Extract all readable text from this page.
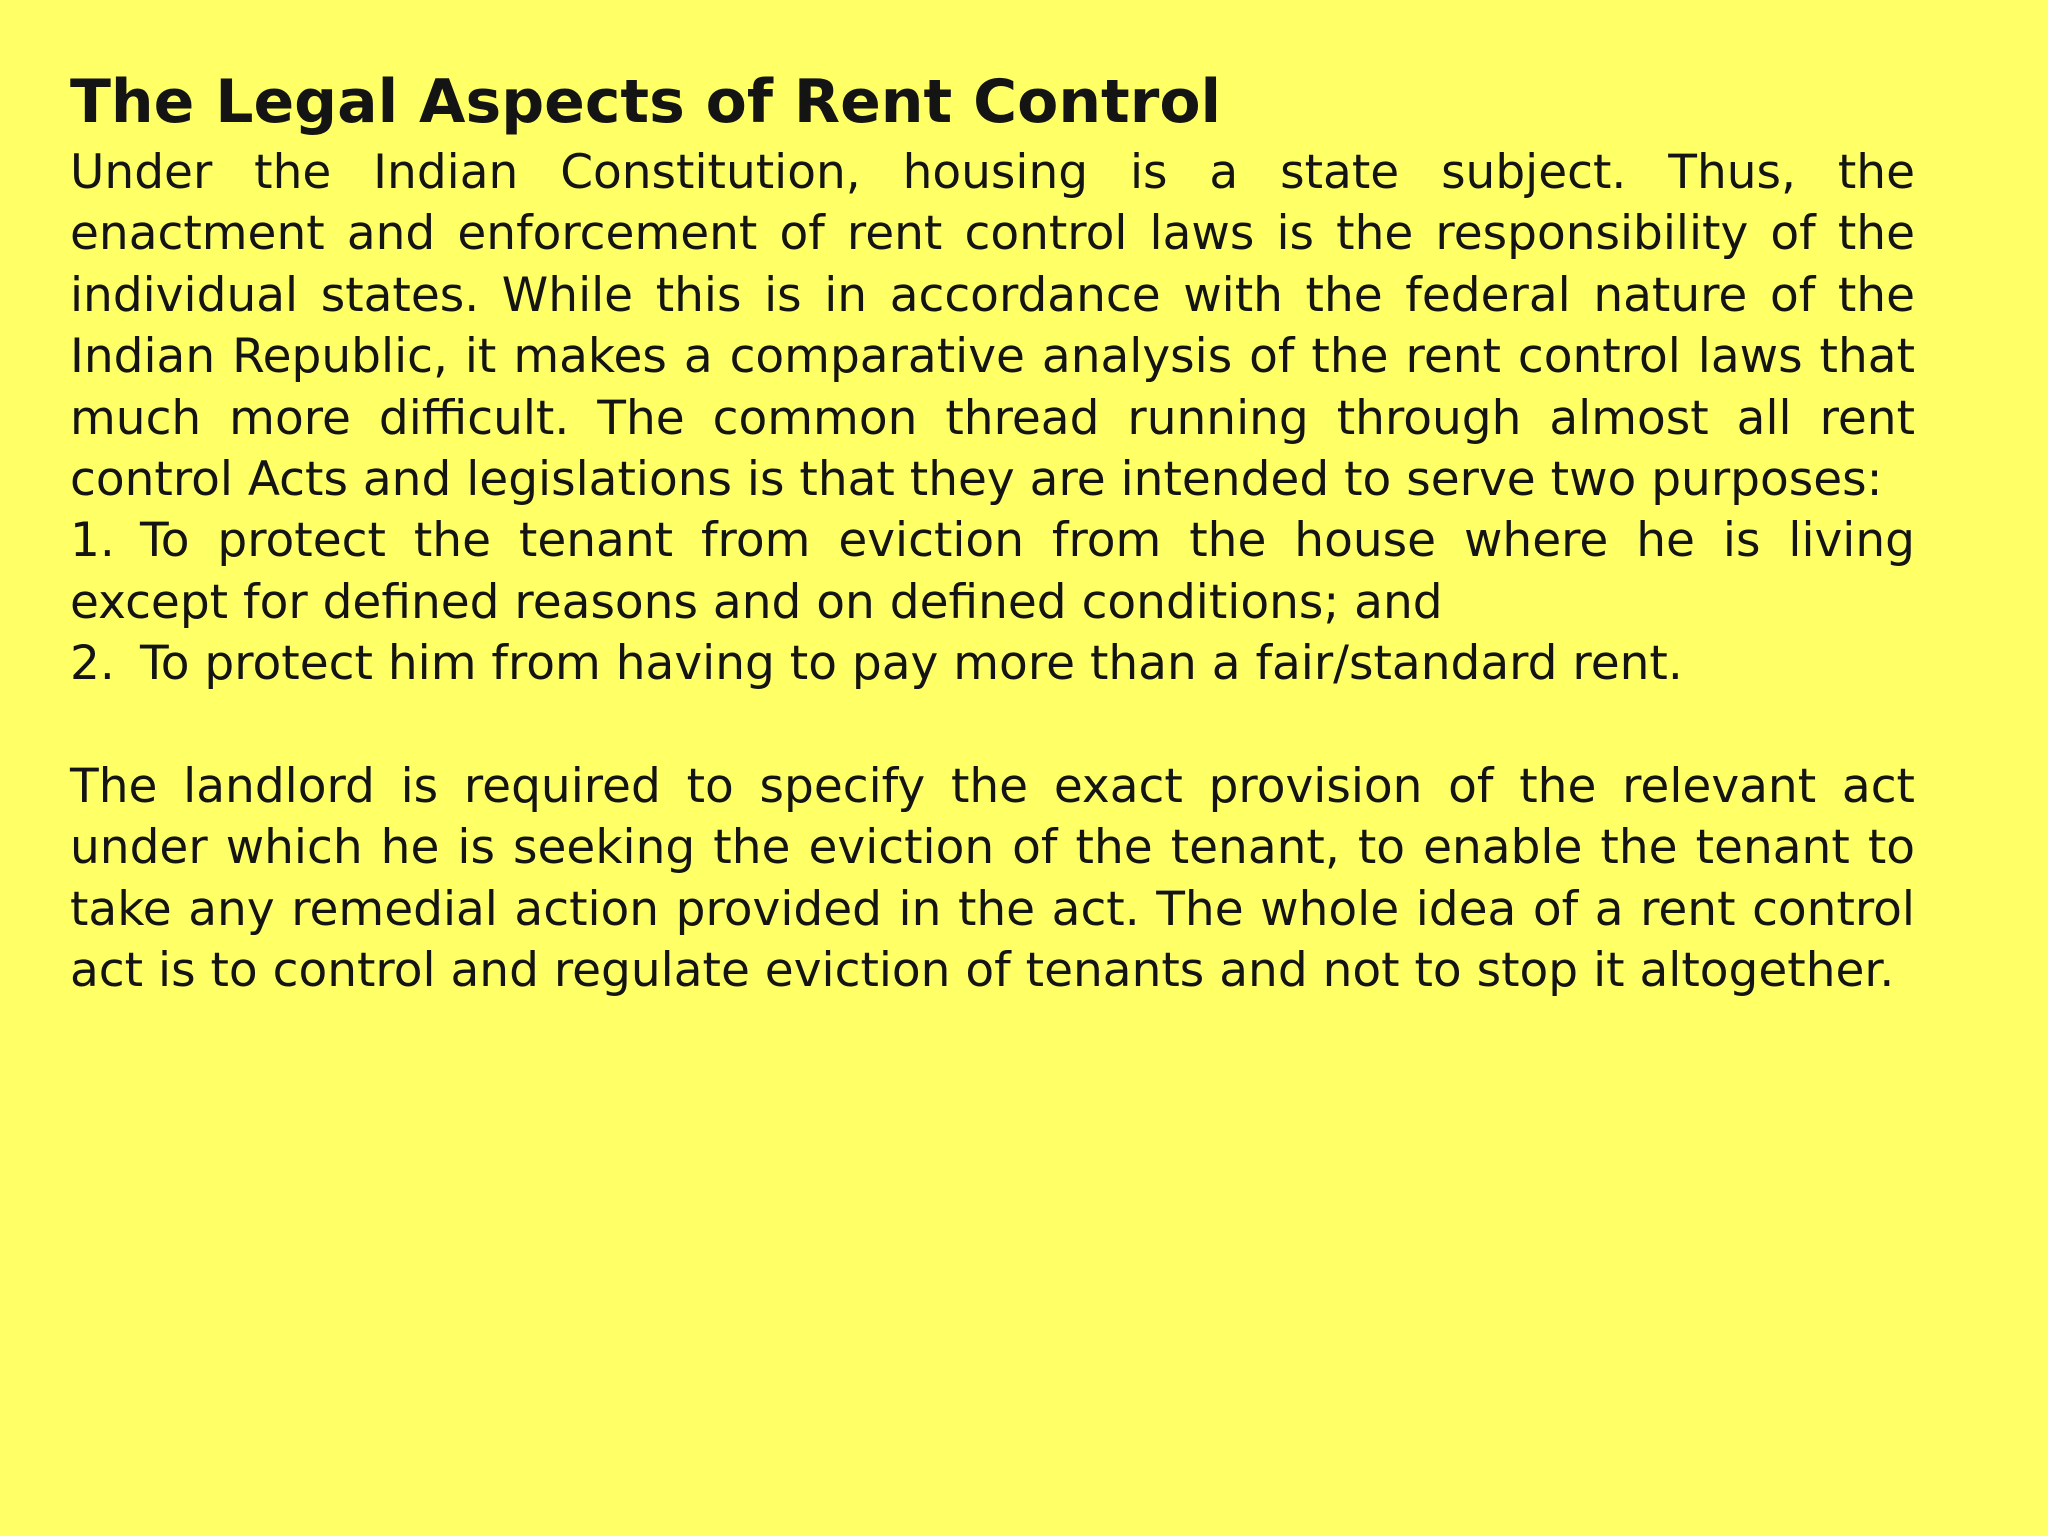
The Legal Aspects of Rent Control

Under the Indian Constitution, housing is a state subject. Thus, the enactment and enforcement of rent control laws is the responsibility of the individual states. While this is in accordance with the federal nature of the Indian Republic, it makes a comparative analysis of the rent control laws that much more difficult. The common thread running through almost all rent control Acts and legislations is that they are intended to serve two purposes:

1. To protect the tenant from eviction from the house where he is living except for defined reasons and on defined conditions; and
2. To protect him from having to pay more than a fair/standard rent.

The landlord is required to specify the exact provision of the relevant act under which he is seeking the eviction of the tenant, to enable the tenant to take any remedial action provided in the act. The whole idea of a rent control act is to control and regulate eviction of tenants and not to stop it altogether.
